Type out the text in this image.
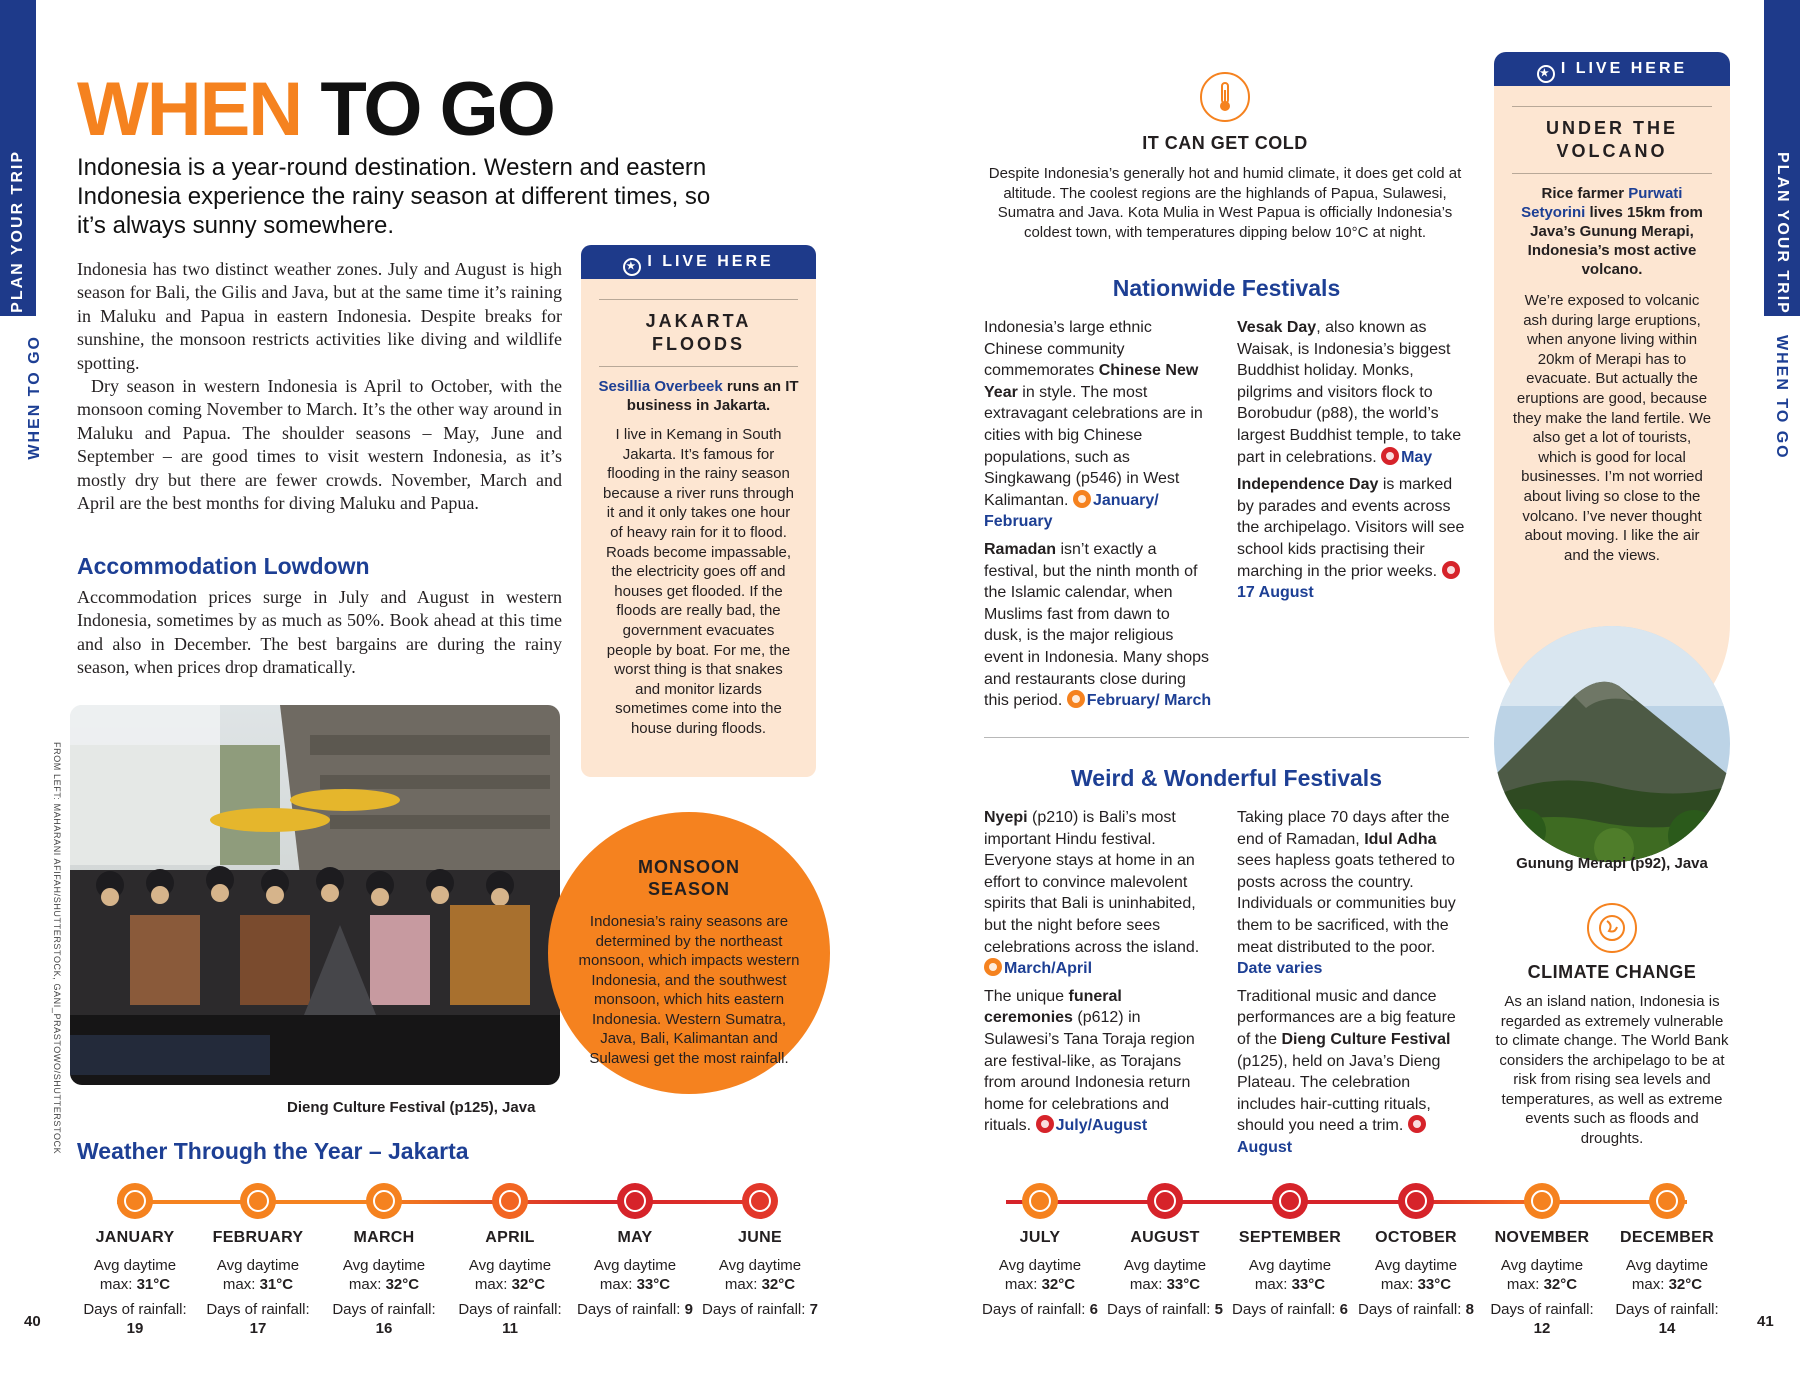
PLAN YOUR TRIP
WHEN TO GO
PLAN YOUR TRIP
WHEN TO GO
WHEN TO GO
Indonesia is a year-round destination. Western and eastern Indonesia experience the rainy season at different times, so it’s always sunny somewhere.

Indonesia has two distinct weather zones. July and August is high season for Bali, the Gilis and Java, but at the same time it’s raining in Maluku and Papua in eastern Indonesia. Despite breaks for sunshine, the monsoon restricts activities like diving and wildlife spotting.

Dry season in western Indonesia is April to October, with the monsoon coming November to March. It’s the other way around in Maluku and Papua. The shoulder seasons – May, June and September – are good times to visit western Indonesia, as it’s mostly dry but there are fewer crowds. November, March and April are the best months for diving Maluku and Papua.

Accommodation Lowdown
Accommodation prices surge in July and August in western Indonesia, sometimes by as much as 50%. Book ahead at this time and also in December. The best bargains are during the rainy season, when prices drop dramatically.
★ I LIVE HERE
JAKARTA
FLOODS
Sesillia Overbeek runs an IT business in Jakarta.
I live in Kemang in South Jakarta. It’s famous for flooding in the rainy season because a river runs through it and it only takes one hour of heavy rain for it to flood. Roads become impassable, the electricity goes off and houses get flooded. If the floods are really bad, the government evacuates people by boat. For me, the worst thing is that snakes and monitor lizards sometimes come into the house during floods.
FROM LEFT: MAHARANI AFIFAH/SHUTTERSTOCK, GANI_PRASTOWO/SHUTTERSTOCK	Dieng Culture Festival (p125), Java
MONSOON
SEASON
Indonesia’s rainy seasons are determined by the northeast monsoon, which impacts western Indonesia, and the southwest monsoon, which hits eastern Indonesia. Western Sumatra, Java, Bali, Kalimantan and Sulawesi get the most rainfall.
IT CAN GET COLD
Despite Indonesia’s generally hot and humid climate, it does get cold at altitude. The coolest regions are the highlands of Papua, Sulawesi, Sumatra and Java. Kota Mulia in West Papua is officially Indonesia’s coldest town, with temperatures dipping below 10°C at night.
Nationwide Festivals

Indonesia’s large ethnic Chinese community commemorates Chinese New Year in style. The most extravagant celebrations are in cities with big Chinese populations, such as Singkawang (p546) in West Kalimantan. January/ February

Ramadan isn’t exactly a festival, but the ninth month of the Islamic calendar, when Muslims fast from dawn to dusk, is the major religious event in Indonesia. Many shops and restaurants close during this period. February/ March

Vesak Day, also known as Waisak, is Indonesia’s biggest Buddhist holiday. Monks, pilgrims and visitors flock to Borobudur (p88), the world’s largest Buddhist temple, to take part in celebrations. May

Independence Day is marked by parades and events across the archipelago. Visitors will see school kids practising their marching in the prior weeks. 17 August

Weird & Wonderful Festivals

Nyepi (p210) is Bali’s most important Hindu festival. Everyone stays at home in an effort to convince malevolent spirits that Bali is uninhabited, but the night before sees celebrations across the island. March/April

The unique funeral ceremonies (p612) in Sulawesi’s Tana Toraja region are festival-like, as Torajans from around Indonesia return home for celebrations and rituals. July/August

Taking place 70 days after the end of Ramadan, Idul Adha sees hapless goats tethered to posts across the country. Individuals or communities buy them to be sacrificed, with the meat distributed to the poor. Date varies

Traditional music and dance performances are a big feature of the Dieng Culture Festival (p125), held on Java’s Dieng Plateau. The celebration includes hair-cutting rituals, should you need a trim. August

★ I LIVE HERE
UNDER THE
VOLCANO
Rice farmer Purwati Setyorini lives 15km from Java’s Gunung Merapi, Indonesia’s most active volcano.
We’re exposed to volcanic ash during large eruptions, when anyone living within 20km of Merapi has to evacuate. But actually the eruptions are good, because they make the land fertile. We also get a lot of tourists, which is good for local businesses. I’m not worried about living so close to the volcano. I’ve never thought about moving. I like the air and the views.
Gunung Merapi (p92), Java
CLIMATE CHANGE
As an island nation, Indonesia is regarded as extremely vulnerable to climate change. The World Bank considers the archipelago to be at risk from rising sea levels and temperatures, as well as extreme events such as floods and droughts.
Weather Through the Year – Jakarta
JANUARY
Avg daytime max: 31°C
Days of rainfall: 19
FEBRUARY
Avg daytime max: 31°C
Days of rainfall: 17
MARCH
Avg daytime max: 32°C
Days of rainfall: 16
APRIL
Avg daytime max: 32°C
Days of rainfall: 11
MAY
Avg daytime max: 33°C
Days of rainfall: 9
JUNE
Avg daytime max: 32°C
Days of rainfall: 7
JULY
Avg daytime max: 32°C
Days of rainfall: 6
AUGUST
Avg daytime max: 33°C
Days of rainfall: 5
SEPTEMBER
Avg daytime max: 33°C
Days of rainfall: 6
OCTOBER
Avg daytime max: 33°C
Days of rainfall: 8
NOVEMBER
Avg daytime max: 32°C
Days of rainfall: 12
DECEMBER
Avg daytime max: 32°C
Days of rainfall: 14
40	41
